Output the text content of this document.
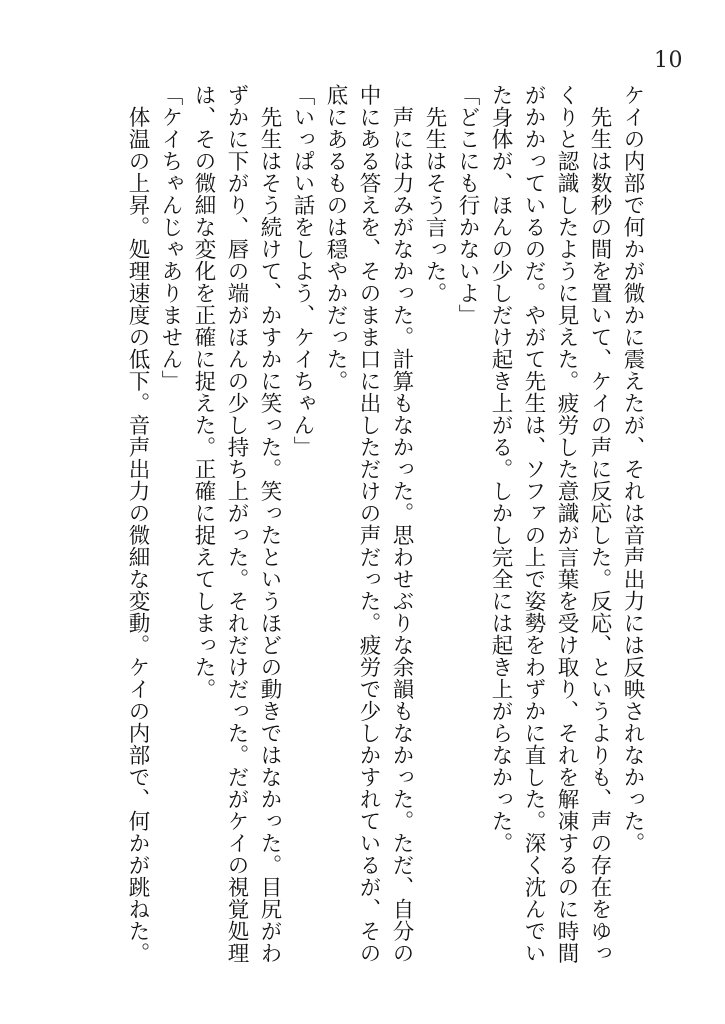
10

ケイの内部で何かが微かに震えたが、それは音声出力には反映されなかった。

　先生は数秒の間を置いて、ケイの声に反応した。反応、というよりも、声の存在をゆっくりと認識したように見えた。疲労した意識が言葉を受け取り、それを解凍するのに時間がかかっているのだ。やがて先生は、ソファの上で姿勢をわずかに直した。深く沈んでいた身体が、ほんの少しだけ起き上がる。しかし完全には起き上がらなかった。

「どこにも行かないよ」

　先生はそう言った。

　声には力みがなかった。計算もなかった。思わせぶりな余韻もなかった。ただ、自分の中にある答えを、そのまま口に出しただけの声だった。疲労で少しかすれているが、その底にあるものは穏やかだった。

「いっぱい話をしよう、ケイちゃん」

　先生はそう続けて、かすかに笑った。笑ったというほどの動きではなかった。目尻がわずかに下がり、唇の端がほんの少し持ち上がった。それだけだった。だがケイの視覚処理は、その微細な変化を正確に捉えた。正確に捉えてしまった。

「ケイちゃんじゃありません」

　体温の上昇。処理速度の低下。音声出力の微細な変動。ケイの内部で、何かが跳ねた。
